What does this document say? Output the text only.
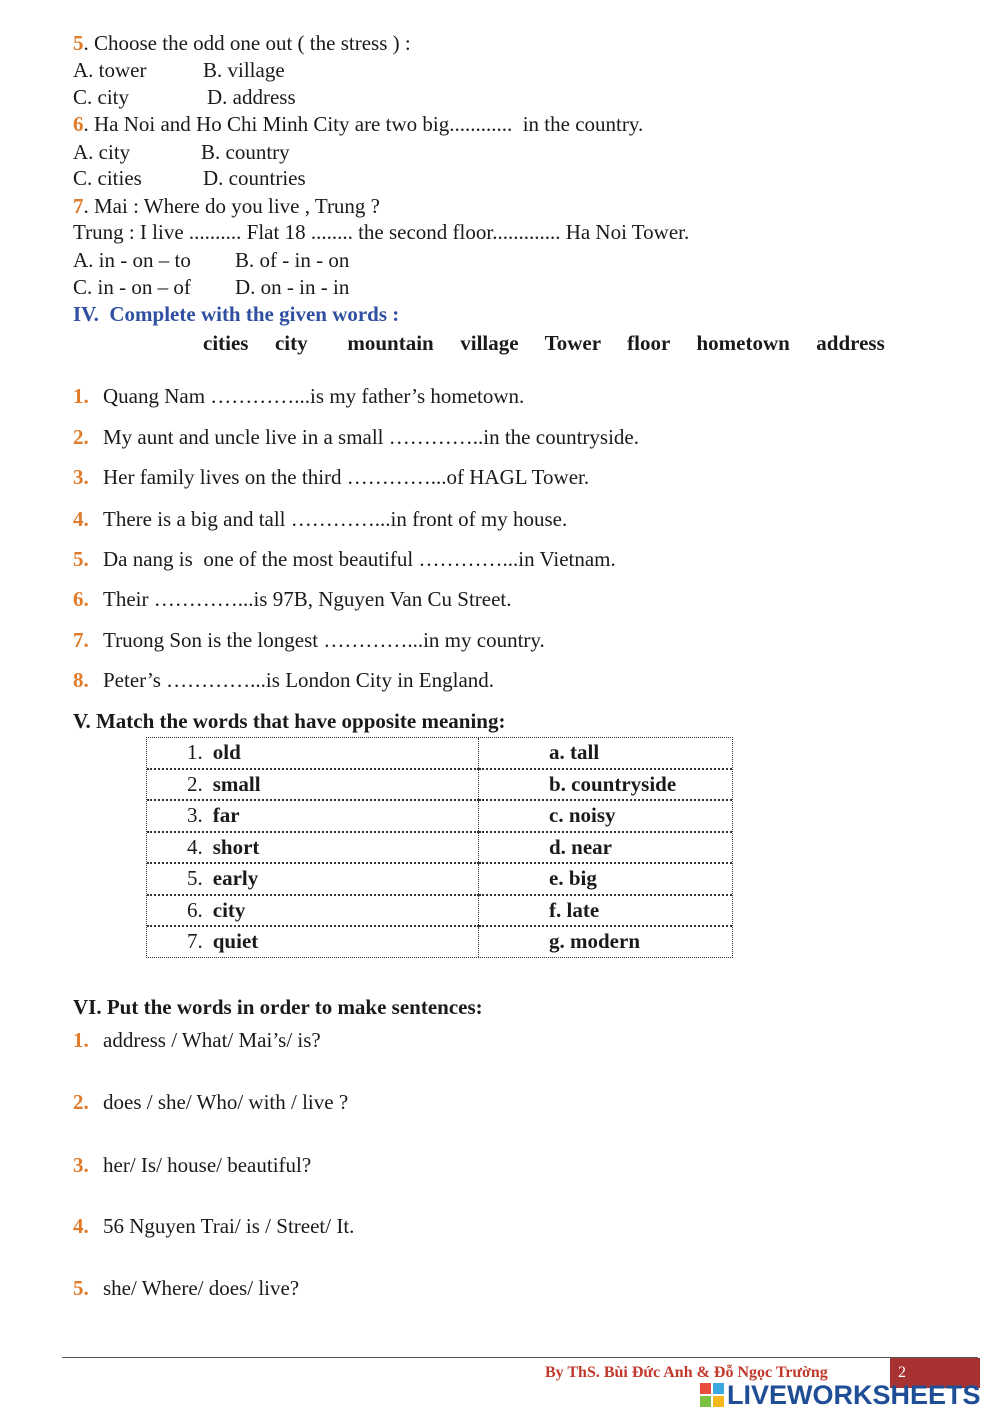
5. Choose the odd one out ( the stress ) :
A. tower	B. village
C. city	D. address
6. Ha Noi and Ho Chi Minh City are two big............  in the country.
A. city	B. country
C. cities	D. countries
7. Mai : Where do you live , Trung ?
Trung : I live .......... Flat 18 ........ the second floor............. Ha Noi Tower.
A. in - on – to B. of - in - on
C. in - on – of D. on - in - in
IV.  Complete with the given words :
cities  city   mountain  village  Tower  floor  hometown  address
1. Quang Nam …………...is my father’s hometown.
2. My aunt and uncle live in a small …………..in the countryside.
3. Her family lives on the third …………...of HAGL Tower.
4. There is a big and tall …………...in front of my house.
5. Da nang is  one of the most beautiful …………...in Vietnam.
6. Their …………...is 97B, Nguyen Van Cu Street.
7. Truong Son is the longest …………...in my country.
8. Peter’s …………...is London City in England.
V. Match the words that have opposite meaning:
1. old	a. tall
2. small	b. countryside
3. far	c. noisy
4. short	d. near
5. early	e. big
6. city	f. late
7. quiet	g. modern
VI. Put the words in order to make sentences:
1. address / What/ Mai’s/ is?
2. does / she/ Who/ with / live ?
3. her/ Is/ house/ beautiful?
4. 56 Nguyen Trai/ is / Street/ It.
5. she/ Where/ does/ live?
By ThS. Bùi Đức Anh & Đỗ Ngọc Trường	2
LIVEWORKSHEETS
